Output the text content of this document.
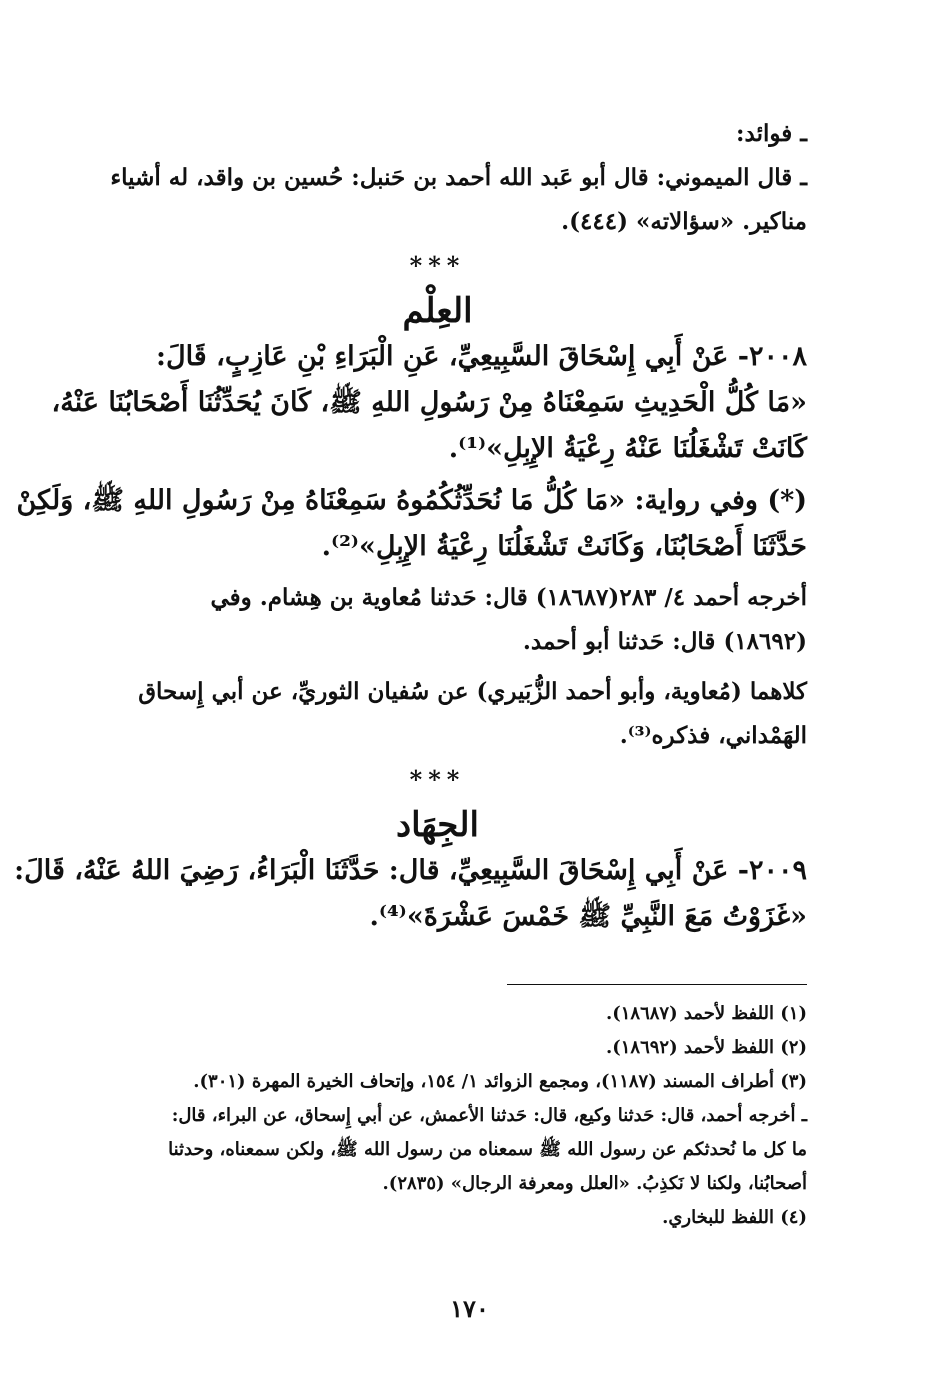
ـ فوائد:
ـ قال الميموني: قال أبو عَبد الله أحمد بن حَنبل: حُسين بن واقد، له أشياء
مناكير. «سؤالاته» (٤٤٤).
***
العِلْم
٢٠٠٨- عَنْ أَبِي إِسْحَاقَ السَّبِيعِيِّ، عَنِ الْبَرَاءِ بْنِ عَازِبٍ، قَالَ:
«مَا كُلُّ الْحَدِيثِ سَمِعْنَاهُ مِنْ رَسُولِ اللهِ ﷺ، كَانَ يُحَدِّثُنَا أَصْحَابُنَا عَنْهُ،
كَانَتْ تَشْغَلُنَا عَنْهُ رِعْيَةُ الإِبِلِ»⁽¹⁾.
(*) وفي رواية: «مَا كُلُّ مَا نُحَدِّثُكُمُوهُ سَمِعْنَاهُ مِنْ رَسُولِ اللهِ ﷺ، وَلَكِنْ
حَدَّثَنَا أَصْحَابُنَا، وَكَانَتْ تَشْغَلُنَا رِعْيَةُ الإِبِلِ»⁽²⁾.
أخرجه أحمد ٤/ ٢٨٣(١٨٦٨٧) قال: حَدثنا مُعاوية بن هِشام. وفي
(١٨٦٩٢) قال: حَدثنا أبو أحمد.
كلاهما (مُعاوية، وأبو أحمد الزُّبَيري) عن سُفيان الثوريِّ، عن أبي إِسحاق
الهَمْداني، فذكره⁽³⁾.
***
الجِهَاد
٢٠٠٩- عَنْ أَبِي إِسْحَاقَ السَّبِيعِيِّ، قال: حَدَّثَنَا الْبَرَاءُ، رَضِيَ اللهُ عَنْهُ، قَالَ:
«غَزَوْتُ مَعَ النَّبِيِّ ﷺ خَمْسَ عَشْرَةَ»⁽⁴⁾.
(١) اللفظ لأحمد (١٨٦٨٧).
(٢) اللفظ لأحمد (١٨٦٩٢).
(٣) أطراف المسند (١١٨٧)، ومجمع الزوائد ١/ ١٥٤، وإتحاف الخيرة المهرة (٣٠١).
ـ أخرجه أحمد، قال: حَدثنا وكيع، قال: حَدثنا الأعمش، عن أبي إِسحاق، عن البراء، قال:
ما كل ما نُحدثكم عن رسول الله ﷺ سمعناه من رسول الله ﷺ، ولكن سمعناه، وحدثنا
أصحابُنا، ولكنا لا نَكذِبُ. «العلل ومعرفة الرجال» (٢٨٣٥).
(٤) اللفظ للبخاري.
١٧٠
